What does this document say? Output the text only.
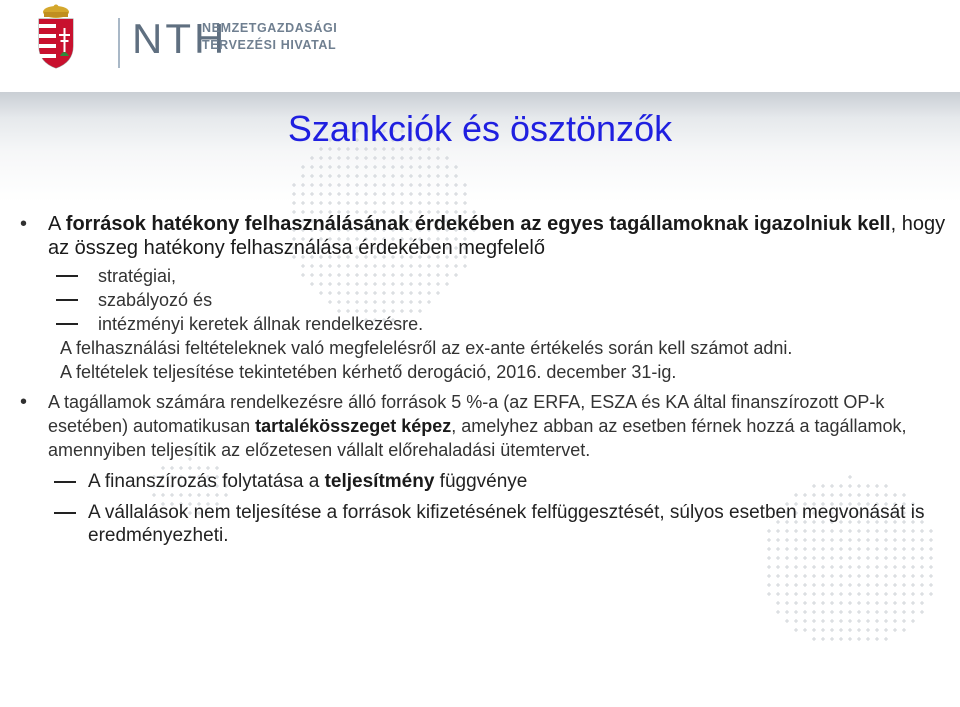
NTH
NEMZETGAZDASÁGI
TERVEZÉSI HIVATAL
Szankciók és ösztönzők
• A források hatékony felhasználásának érdekében az egyes tagállamoknak igazolniuk kell, hogy az összeg hatékony felhasználása érdekében megfelelő
stratégiai,
szabályozó és
intézményi keretek állnak rendelkezésre.
A felhasználási feltételeknek való megfelelésről az ex-ante értékelés során kell számot adni.
A feltételek teljesítése tekintetében kérhető derogáció, 2016. december 31-ig.
• A tagállamok számára rendelkezésre álló források 5 %-a (az ERFA, ESZA és KA által finanszírozott OP-k esetében) automatikusan tartalékösszeget képez, amelyhez abban az esetben férnek hozzá a tagállamok, amennyiben teljesítik az előzetesen vállalt előrehaladási ütemtervet.
A finanszírozás folytatása a teljesítmény függvénye
A vállalások nem teljesítése a források kifizetésének felfüggesztését, súlyos esetben megvonását is eredményezheti.
